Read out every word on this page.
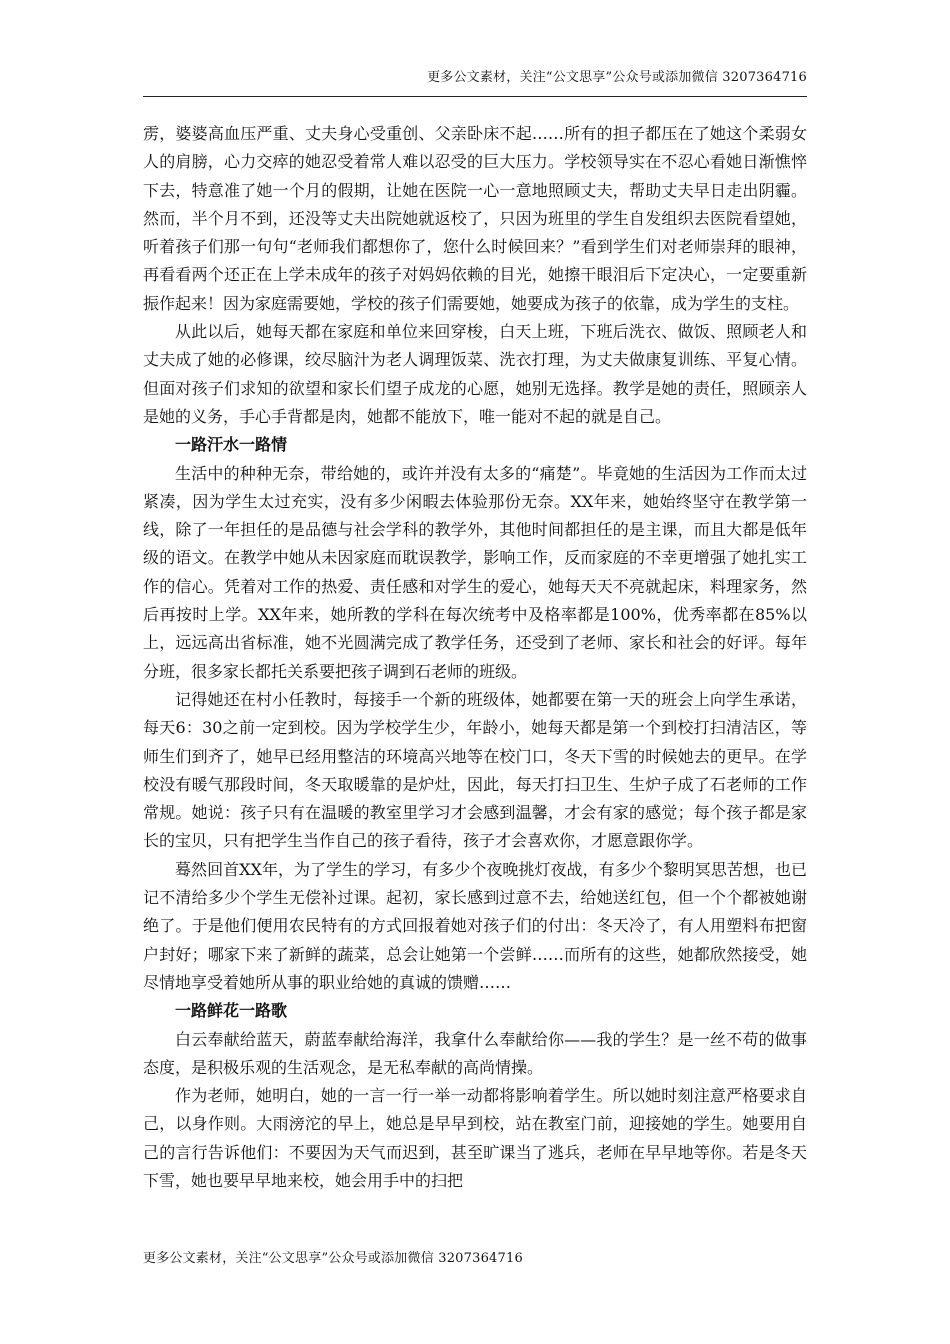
更多公文素材，关注“公文思享”公众号或添加微信 3207364716

雳，婆婆高血压严重、丈夫身心受重创、父亲卧床不起……所有的担子都压在了她这个柔弱女人的肩膀，心力交瘁的她忍受着常人难以忍受的巨大压力。学校领导实在不忍心看她日渐憔悴下去，特意准了她一个月的假期，让她在医院一心一意地照顾丈夫，帮助丈夫早日走出阴霾。然而，半个月不到，还没等丈夫出院她就返校了，只因为班里的学生自发组织去医院看望她，听着孩子们那一句句“老师我们都想你了，您什么时候回来？”看到学生们对老师崇拜的眼神，再看看两个还正在上学未成年的孩子对妈妈依赖的目光，她擦干眼泪后下定决心，一定要重新振作起来！因为家庭需要她，学校的孩子们需要她，她要成为孩子的依靠，成为学生的支柱。

从此以后，她每天都在家庭和单位来回穿梭，白天上班，下班后洗衣、做饭、照顾老人和丈夫成了她的必修课，绞尽脑汁为老人调理饭菜、洗衣打理，为丈夫做康复训练、平复心情。但面对孩子们求知的欲望和家长们望子成龙的心愿，她别无选择。教学是她的责任，照顾亲人是她的义务，手心手背都是肉，她都不能放下，唯一能对不起的就是自己。

一路汗水一路情

生活中的种种无奈，带给她的，或许并没有太多的“痛楚”。毕竟她的生活因为工作而太过紧凑，因为学生太过充实，没有多少闲暇去体验那份无奈。XX年来，她始终坚守在教学第一线，除了一年担任的是品德与社会学科的教学外，其他时间都担任的是主课，而且大都是低年级的语文。在教学中她从未因家庭而耽误教学，影响工作，反而家庭的不幸更增强了她扎实工作的信心。凭着对工作的热爱、责任感和对学生的爱心，她每天天不亮就起床，料理家务，然后再按时上学。XX年来，她所教的学科在每次统考中及格率都是100%，优秀率都在85%以上，远远高出省标准，她不光圆满完成了教学任务，还受到了老师、家长和社会的好评。每年分班，很多家长都托关系要把孩子调到石老师的班级。

记得她还在村小任教时，每接手一个新的班级体，她都要在第一天的班会上向学生承诺，每天6：30之前一定到校。因为学校学生少，年龄小，她每天都是第一个到校打扫清洁区，等师生们到齐了，她早已经用整洁的环境高兴地等在校门口，冬天下雪的时候她去的更早。在学校没有暖气那段时间，冬天取暖靠的是炉灶，因此，每天打扫卫生、生炉子成了石老师的工作常规。她说：孩子只有在温暖的教室里学习才会感到温馨，才会有家的感觉；每个孩子都是家长的宝贝，只有把学生当作自己的孩子看待，孩子才会喜欢你，才愿意跟你学。

蓦然回首XX年，为了学生的学习，有多少个夜晚挑灯夜战，有多少个黎明冥思苦想，也已记不清给多少个学生无偿补过课。起初，家长感到过意不去，给她送红包，但一个个都被她谢绝了。于是他们便用农民特有的方式回报着她对孩子们的付出：冬天冷了，有人用塑料布把窗户封好；哪家下来了新鲜的蔬菜，总会让她第一个尝鲜……而所有的这些，她都欣然接受，她尽情地享受着她所从事的职业给她的真诚的馈赠……

一路鲜花一路歌

白云奉献给蓝天，蔚蓝奉献给海洋，我拿什么奉献给你——我的学生？是一丝不苟的做事态度，是积极乐观的生活观念，是无私奉献的高尚情操。

作为老师，她明白，她的一言一行一举一动都将影响着学生。所以她时刻注意严格要求自己，以身作则。大雨滂沱的早上，她总是早早到校，站在教室门前，迎接她的学生。她要用自己的言行告诉他们：不要因为天气而迟到，甚至旷课当了逃兵，老师在早早地等你。若是冬天下雪，她也要早早地来校，她会用手中的扫把

更多公文素材，关注“公文思享”公众号或添加微信 3207364716
